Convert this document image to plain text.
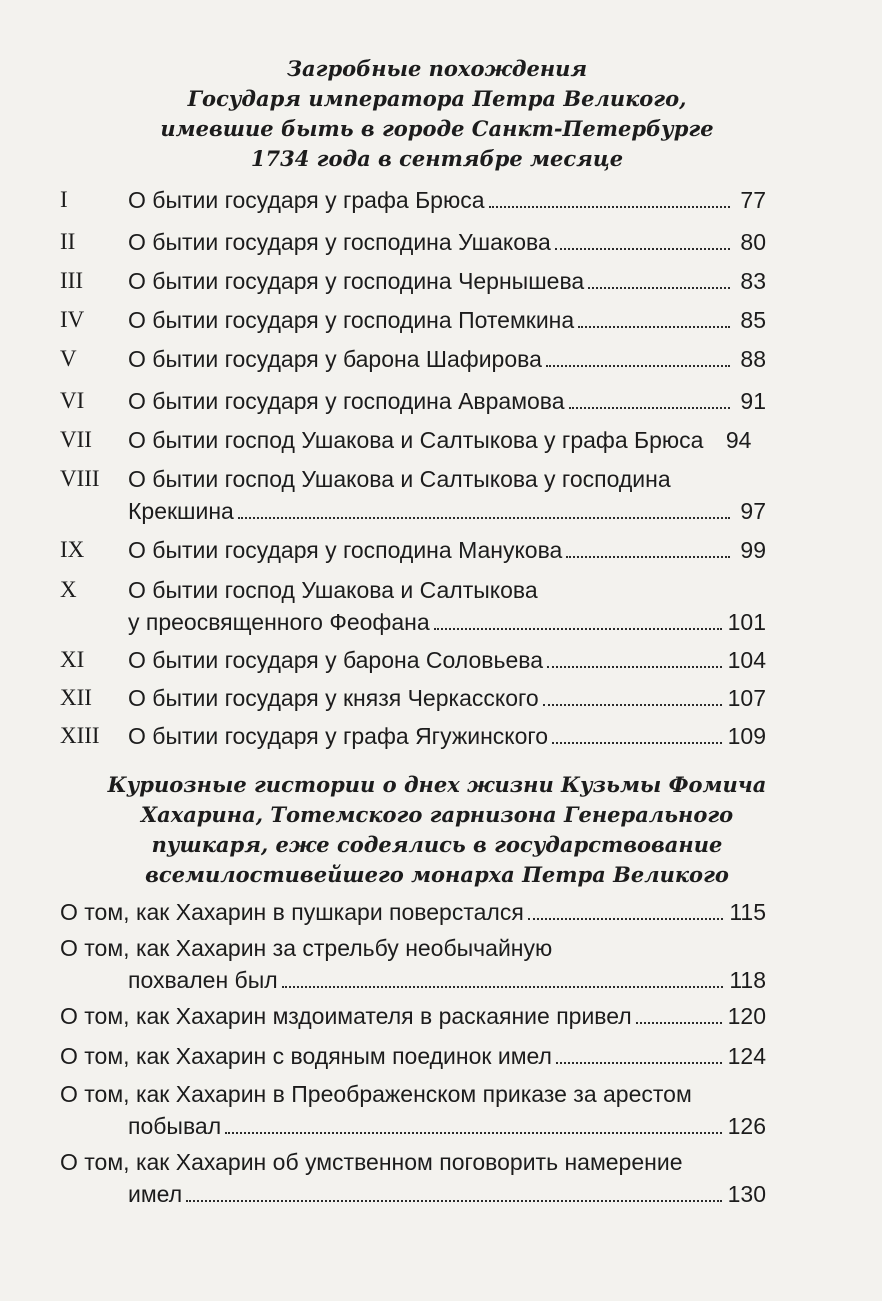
Загробные похождения
Государя императора Петра Великого,
имевшие быть в городе Санкт-Петербурге
1734 года в сентябре месяце
I	О бытии государя у графа Брюса	77
II	О бытии государя у господина Ушакова	80
III	О бытии государя у господина Чернышева	83
IV	О бытии государя у господина Потемкина	85
V	О бытии государя у барона Шафирова	88
VI	О бытии государя у господина Аврамова	91
VII	О бытии господ Ушакова и Салтыкова у графа Брюса 94
VIII	О бытии господ Ушакова и Салтыкова у господина
Крекшина	97
IX	О бытии государя у господина Манукова	99
X	О бытии господ Ушакова и Салтыкова
у преосвященного Феофана	101
XI	О бытии государя у барона Соловьева	104
XII	О бытии государя у князя Черкасского	107
XIII	О бытии государя у графа Ягужинского	109
Куриозные гистории о днех жизни Кузьмы Фомича
Хахарина, Тотемского гарнизона Генерального
пушкаря, еже содеялись в государствование
всемилостивейшего монарха Петра Великого
О том, как Хахарин в пушкари поверстался	115
О том, как Хахарин за стрельбу необычайную
похвален был	118
О том, как Хахарин мздоимателя в раскаяние привел	120
О том, как Хахарин с водяным поединок имел	124
О том, как Хахарин в Преображенском приказе за арестом
побывал	126
О том, как Хахарин об умственном поговорить намерение
имел	130
